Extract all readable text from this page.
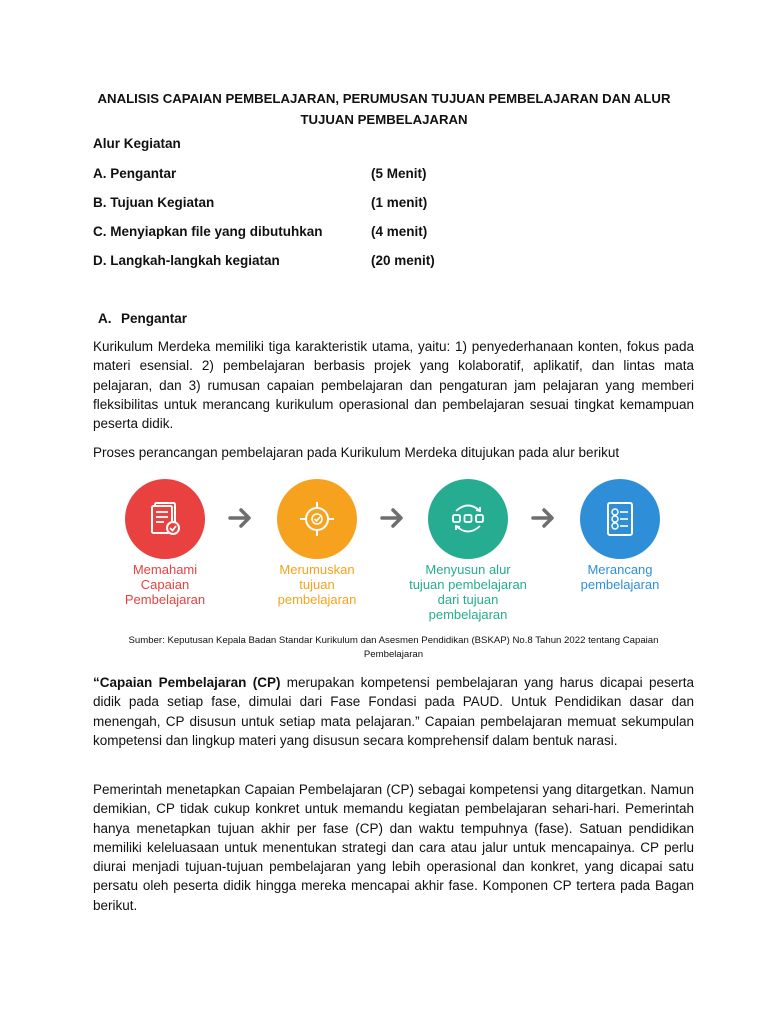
ANALISIS CAPAIAN PEMBELAJARAN, PERUMUSAN TUJUAN PEMBELAJARAN DAN ALUR
TUJUAN PEMBELAJARAN
Alur Kegiatan
A. Pengantar	(5 Menit)
B. Tujuan Kegiatan	(1 menit)
C. Menyiapkan file yang dibutuhkan	(4 menit)
D. Langkah-langkah kegiatan	(20 menit)
A. Pengantar

Kurikulum Merdeka memiliki tiga karakteristik utama, yaitu: 1) penyederhanaan konten, fokus pada materi esensial. 2) pembelajaran berbasis projek yang kolaboratif, aplikatif, dan lintas mata pelajaran, dan 3) rumusan capaian pembelajaran dan pengaturan jam pelajaran yang memberi fleksibilitas untuk merancang kurikulum operasional dan pembelajaran sesuai tingkat kemampuan peserta didik.

Proses perancangan pembelajaran pada Kurikulum Merdeka ditujukan pada alur berikut

Memahami
Capaian
Pembelajaran
Merumuskan
tujuan
pembelajaran
Menyusun alur
tujuan pembelajaran
dari tujuan
pembelajaran
Merancang
pembelajaran
Sumber: Keputusan Kepala Badan Standar Kurikulum dan Asesmen Pendidikan (BSKAP) No.8 Tahun 2022 tentang Capaian
Pembelajaran

“Capaian Pembelajaran (CP) merupakan kompetensi pembelajaran yang harus dicapai peserta didik pada setiap fase, dimulai dari Fase Fondasi pada PAUD. Untuk Pendidikan dasar dan menengah, CP disusun untuk setiap mata pelajaran.” Capaian pembelajaran memuat sekumpulan kompetensi dan lingkup materi yang disusun secara komprehensif dalam bentuk narasi.

Pemerintah menetapkan Capaian Pembelajaran (CP) sebagai kompetensi yang ditargetkan. Namun demikian, CP tidak cukup konkret untuk memandu kegiatan pembelajaran sehari-hari. Pemerintah hanya menetapkan tujuan akhir per fase (CP) dan waktu tempuhnya (fase). Satuan pendidikan memiliki keleluasaan untuk menentukan strategi dan cara atau jalur untuk mencapainya. CP perlu diurai menjadi tujuan-tujuan pembelajaran yang lebih operasional dan konkret, yang dicapai satu persatu oleh peserta didik hingga mereka mencapai akhir fase. Komponen CP tertera pada Bagan berikut.
